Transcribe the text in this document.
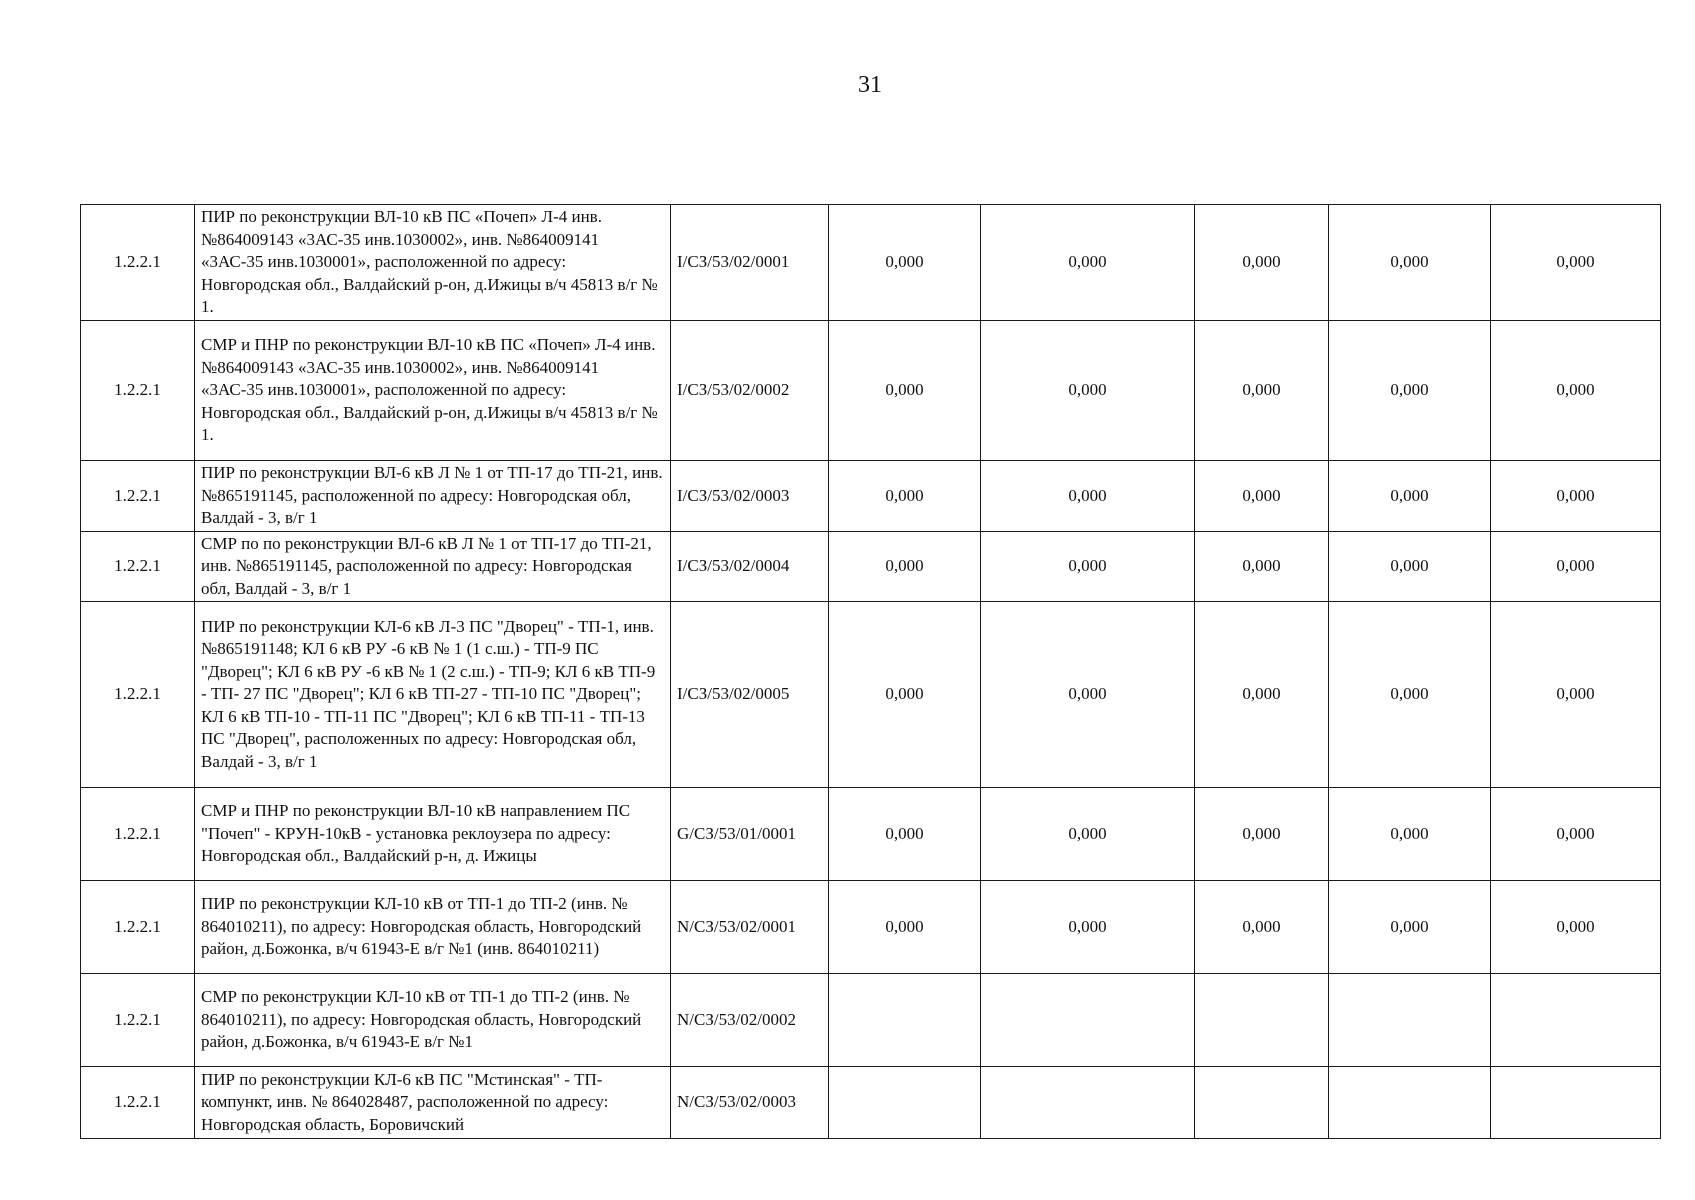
31
1.2.2.1	ПИР по реконструкции ВЛ-10 кВ ПС «Почеп» Л-4 инв. №864009143 «3АС-35 инв.1030002», инв. №864009141 «3АС-35 инв.1030001», расположенной по адресу: Новгородская обл., Валдайский р-он, д.Ижицы в/ч 45813 в/г № 1.	I/СЗ/53/02/0001	0,000	0,000	0,000	0,000	0,000
1.2.2.1	СМР и ПНР по реконструкции ВЛ-10 кВ ПС «Почеп» Л-4 инв. №864009143 «3АС-35 инв.1030002», инв. №864009141 «3АС-35 инв.1030001», расположенной по адресу: Новгородская обл., Валдайский р-он, д.Ижицы в/ч 45813 в/г № 1.	I/СЗ/53/02/0002	0,000	0,000	0,000	0,000	0,000
1.2.2.1	ПИР по реконструкции ВЛ-6 кВ Л № 1 от ТП-17 до ТП-21, инв. №865191145, расположенной по адресу: Новгородская обл, Валдай - 3, в/г 1	I/СЗ/53/02/0003	0,000	0,000	0,000	0,000	0,000
1.2.2.1	СМР по по реконструкции ВЛ-6 кВ Л № 1 от ТП-17 до ТП-21, инв. №865191145, расположенной по адресу: Новгородская обл, Валдай - 3, в/г 1	I/СЗ/53/02/0004	0,000	0,000	0,000	0,000	0,000
1.2.2.1	ПИР по реконструкции КЛ-6 кВ Л-3 ПС "Дворец" - ТП-1, инв. №865191148; КЛ 6 кВ РУ -6 кВ № 1 (1 с.ш.) - ТП-9 ПС "Дворец"; КЛ 6 кВ РУ -6 кВ № 1 (2 с.ш.) - ТП-9; КЛ 6 кВ ТП-9 - ТП- 27 ПС "Дворец"; КЛ 6 кВ ТП-27 - ТП-10 ПС "Дворец"; КЛ 6 кВ ТП-10 - ТП-11 ПС "Дворец"; КЛ 6 кВ ТП-11 - ТП-13 ПС "Дворец", расположенных по адресу: Новгородская обл, Валдай - 3, в/г 1	I/СЗ/53/02/0005	0,000	0,000	0,000	0,000	0,000
1.2.2.1	СМР и ПНР по реконструкции ВЛ-10 кВ направлением ПС "Почеп" - КРУН-10кВ - установка реклоузера по адресу: Новгородская обл., Валдайский р-н, д. Ижицы	G/СЗ/53/01/0001	0,000	0,000	0,000	0,000	0,000
1.2.2.1	ПИР по реконструкции КЛ-10 кВ от ТП-1 до ТП-2 (инв. № 864010211), по адресу: Новгородская область, Новгородский район, д.Божонка, в/ч 61943-Е в/г №1 (инв. 864010211)	N/СЗ/53/02/0001	0,000	0,000	0,000	0,000	0,000
1.2.2.1	СМР по реконструкции КЛ-10 кВ от ТП-1 до ТП-2 (инв. № 864010211), по адресу: Новгородская область, Новгородский район, д.Божонка, в/ч 61943-Е в/г №1	N/СЗ/53/02/0002					
1.2.2.1	ПИР по реконструкции КЛ-6 кВ ПС "Мстинская" - ТП- компункт, инв. № 864028487, расположенной по адресу: Новгородская область, Боровичский	N/СЗ/53/02/0003					
